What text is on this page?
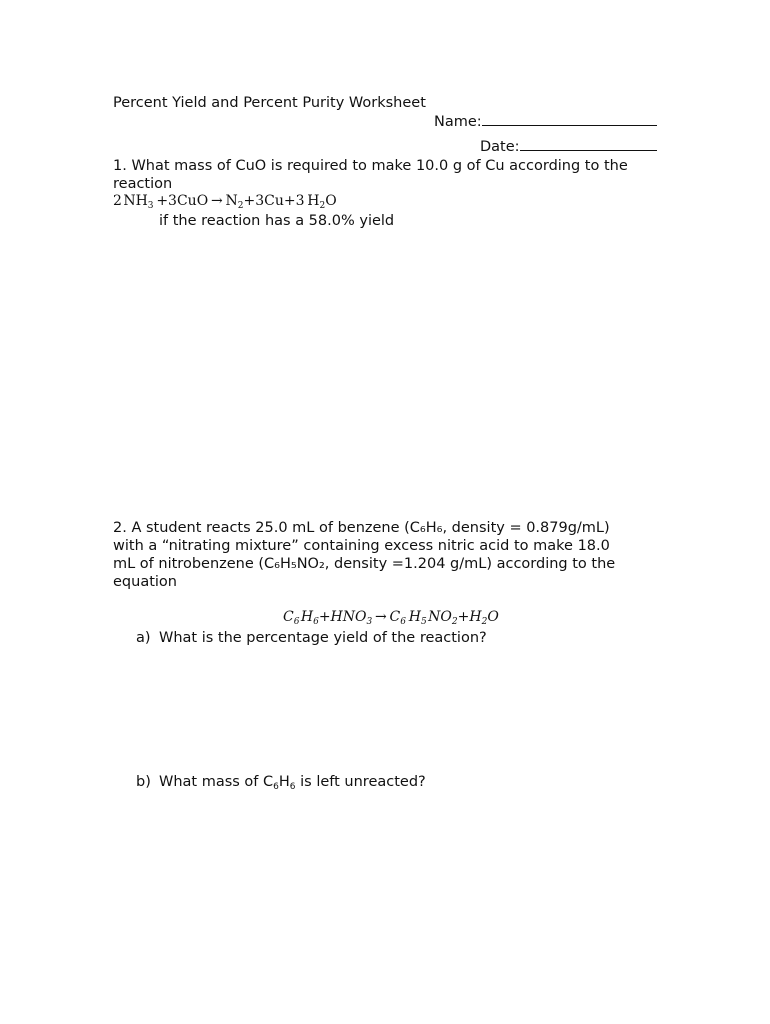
Percent Yield and Percent Purity Worksheet
Name:
Date:
1. What mass of CuO is required to make 10.0 g of Cu according to the
reaction
2 $NH_3 +3CuO \to N_2+3Cu+3$  $H_2O$
if the reaction has a 58.0% yield
2. A student reacts 25.0 mL of benzene (C₆H₆, density = 0.879g/mL)
with a “nitrating mixture” containing excess nitric acid to make 18.0
mL of nitrobenzene (C₆H₅NO₂, density =1.204 g/mL) according to the
equation
$C_6$ $H_6+HNO_3 \to C_6$  $H_5$ $NO_2+H_2O$
a) What is the percentage yield of the reaction?
b) What mass of $C_6H_6$ is left unreacted?
